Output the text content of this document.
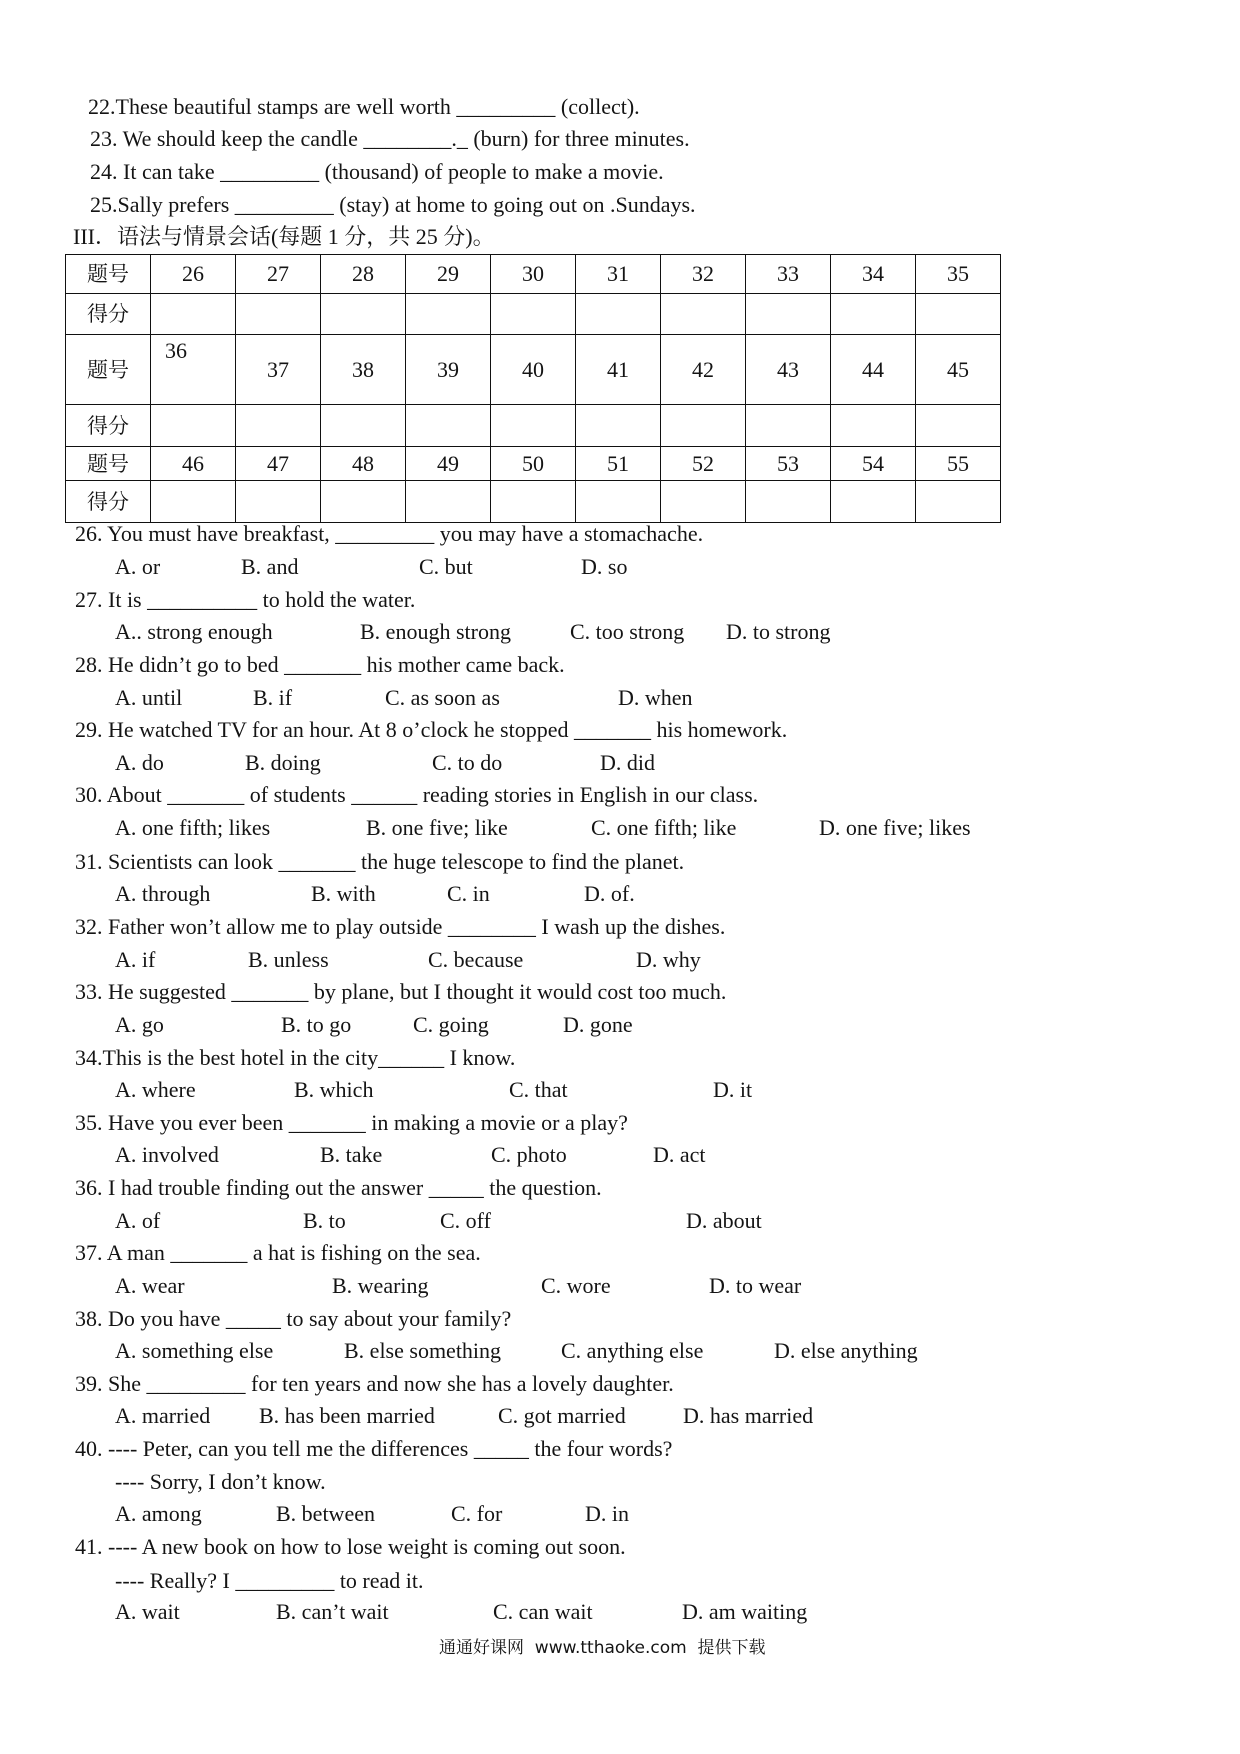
22.These beautiful stamps are well worth _________ (collect).
23. We should keep the candle ________._ (burn) for three minutes.
24. It can take _________ (thousand) of people to make a movie.
25.Sally prefers _________ (stay) at home to going out on .Sundays.
III．语法与情景会话(每题 1 分，共 25 分)。
题号	26	27	28	29	30	31	32	33	34	35
得分										
题号	36	37	38	39	40	41	42	43	44	45
得分										
题号	46	47	48	49	50	51	52	53	54	55
得分										
26. You must have breakfast, _________ you may have a stomachache.
A. or	B. and	C. but	D. so
27. It is __________ to hold the water.
A.. strong enough	B. enough strong	C. too strong D. to strong
28. He didn’t go to bed _______ his mother came back.
A. until	B. if	C. as soon as	D. when
29. He watched TV for an hour. At 8 o’clock he stopped _______ his homework.
A. do	B. doing	C. to do	D. did
30. About _______ of students ______ reading stories in English in our class.
A. one fifth; likes	B. one five; like	C. one fifth; like	D. one five; likes
31. Scientists can look _______ the huge telescope to find the planet.
A. through	B. with	C. in	D. of.
32. Father won’t allow me to play outside ________ I wash up the dishes.
A. if	B. unless	C. because	D. why
33. He suggested _______ by plane, but I thought it would cost too much.
A. go	B. to go	C. going	D. gone
34.This is the best hotel in the city______ I know.
A. where	B. which	C. that	D. it
35. Have you ever been _______ in making a movie or a play?
A. involved	B. take	C. photo	D. act
36. I had trouble finding out the answer _____ the question.
A. of	B. to	C. off	D. about
37. A man _______ a hat is fishing on the sea.
A. wear	B. wearing	C. wore	D. to wear
38. Do you have _____ to say about your family?
A. something else	B. else something	C. anything else	D. else anything
39. She _________ for ten years and now she has a lovely daughter.
A. married B. has been married	C. got married	D. has married
40. ---- Peter, can you tell me the differences _____ the four words?
---- Sorry, I don’t know.
A. among	B. between	C. for	D. in
41. ---- A new book on how to lose weight is coming out soon.
---- Really? I _________ to read it.
A. wait	B. can’t wait	C. can wait	D. am waiting
通通好课网  www.tthaoke.com  提供下载
